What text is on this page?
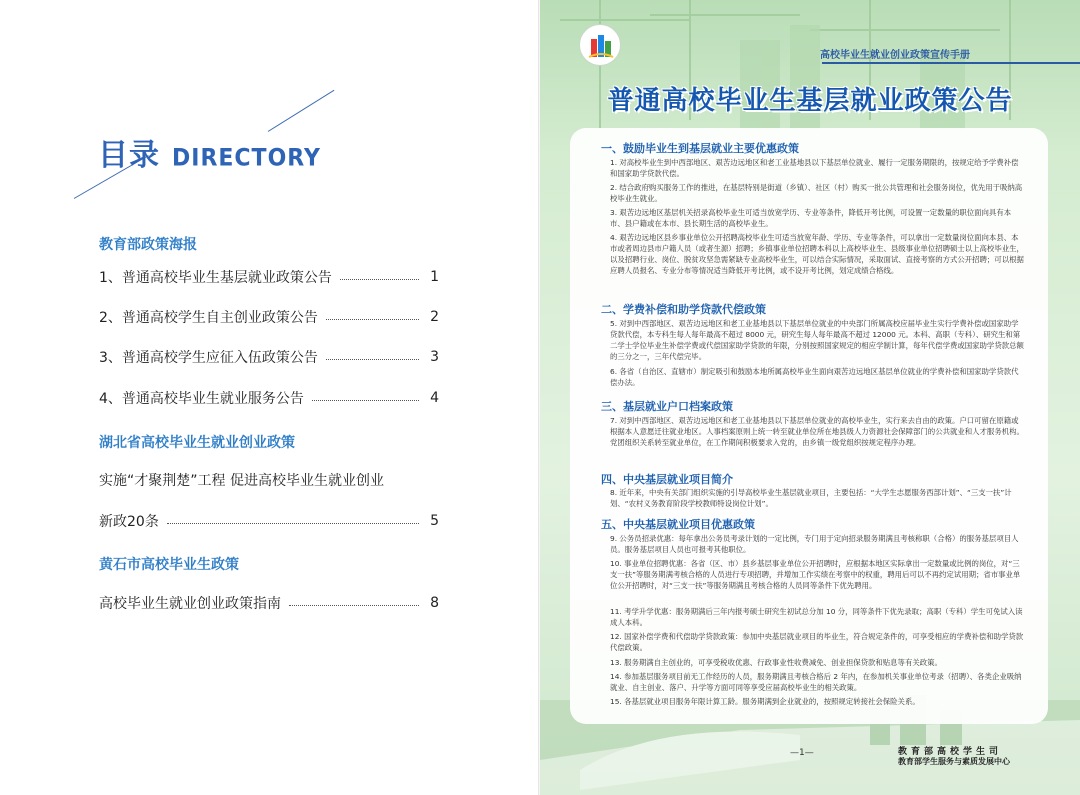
目录 DIRECTORY
教育部政策海报
1、普通高校毕业生基层就业政策公告	1
2、普通高校学生自主创业政策公告	2
3、普通高校学生应征入伍政策公告	3
4、普通高校毕业生就业服务公告	4
湖北省高校毕业生就业创业政策
实施“才聚荆楚”工程 促进高校毕业生就业创业
新政20条	5
黄石市高校毕业生政策
高校毕业生就业创业政策指南	8
高校毕业生就业创业政策宣传手册
普通高校毕业生基层就业政策公告
一、鼓励毕业生到基层就业主要优惠政策
1. 对高校毕业生到中西部地区、艰苦边远地区和老工业基地县以下基层单位就业、履行一定服务期限的，按规定给予学费补偿和国家助学贷款代偿。
2. 结合政府购买服务工作的推进，在基层特别是街道（乡镇）、社区（村）购买一批公共管理和社会服务岗位，优先用于吸纳高校毕业生就业。
3. 艰苦边远地区基层机关招录高校毕业生可适当放宽学历、专业等条件，降低开考比例，可设置一定数量的职位面向具有本市、县户籍或在本市、县长期生活的高校毕业生。
4. 艰苦边远地区县乡事业单位公开招聘高校毕业生可适当放宽年龄、学历、专业等条件，可以拿出一定数量岗位面向本县、本市或者周边县市户籍人员（或者生源）招聘；乡镇事业单位招聘本科以上高校毕业生、县级事业单位招聘硕士以上高校毕业生，以及招聘行业、岗位、脱贫攻坚急需紧缺专业高校毕业生，可以结合实际情况，采取面试、直接考察的方式公开招聘；可以根据应聘人员报名、专业分布等情况适当降低开考比例，或不设开考比例，划定成绩合格线。
二、学费补偿和助学贷款代偿政策
5. 对到中西部地区、艰苦边远地区和老工业基地县以下基层单位就业的中央部门所属高校应届毕业生实行学费补偿或国家助学贷款代偿，本专科生每人每年最高不超过 8000 元，研究生每人每年最高不超过 12000 元。本科、高职（专科）、研究生和第二学士学位毕业生补偿学费或代偿国家助学贷款的年限，分别按照国家规定的相应学制计算，每年代偿学费或国家助学贷款总额的三分之一，三年代偿完毕。
6. 各省（自治区、直辖市）制定吸引和鼓励本地所属高校毕业生面向艰苦边远地区基层单位就业的学费补偿和国家助学贷款代偿办法。
三、基层就业户口档案政策
7. 对到中西部地区、艰苦边远地区和老工业基地县以下基层单位就业的高校毕业生，实行来去自由的政策。户口可留在原籍或根据本人意愿迁往就业地区。人事档案原则上统一转至就业单位所在地县级人力资源社会保障部门的公共就业和人才服务机构。党团组织关系转至就业单位，在工作期间积极要求入党的，由乡镇一级党组织按规定程序办理。
四、中央基层就业项目简介
8. 近年来，中央有关部门组织实施的引导高校毕业生基层就业项目，主要包括：“大学生志愿服务西部计划”、“三支一扶”计划、“农村义务教育阶段学校教师特设岗位计划”。
五、中央基层就业项目优惠政策
9. 公务员招录优惠：每年拿出公务员考录计划的一定比例，专门用于定向招录服务期满且考核称职（合格）的服务基层项目人员。服务基层项目人员也可报考其他职位。
10. 事业单位招聘优惠：各省（区、市）县乡基层事业单位公开招聘时，应根据本地区实际拿出一定数量或比例的岗位，对“三支一扶”等服务期满考核合格的人员进行专项招聘，并增加工作实绩在考察中的权重，聘用后可以不再约定试用期；省市事业单位公开招聘时，对“三支一扶”等服务期满且考核合格的人员同等条件下优先聘用。
11. 考学升学优惠：服务期满后三年内报考硕士研究生初试总分加 10 分，同等条件下优先录取；高职（专科）学生可免试入读成人本科。
12. 国家补偿学费和代偿助学贷款政策：参加中央基层就业项目的毕业生，符合规定条件的，可享受相应的学费补偿和助学贷款代偿政策。
13. 服务期满自主创业的，可享受税收优惠、行政事业性收费减免、创业担保贷款和贴息等有关政策。
14. 参加基层服务项目前无工作经历的人员，服务期满且考核合格后 2 年内，在参加机关事业单位考录（招聘）、各类企业吸纳就业、自主创业、落户、升学等方面可同等享受应届高校毕业生的相关政策。
15. 各基层就业项目服务年限计算工龄。服务期满到企业就业的，按照规定转接社会保险关系。
—1—	教育部高校学生司
教育部学生服务与素质发展中心
